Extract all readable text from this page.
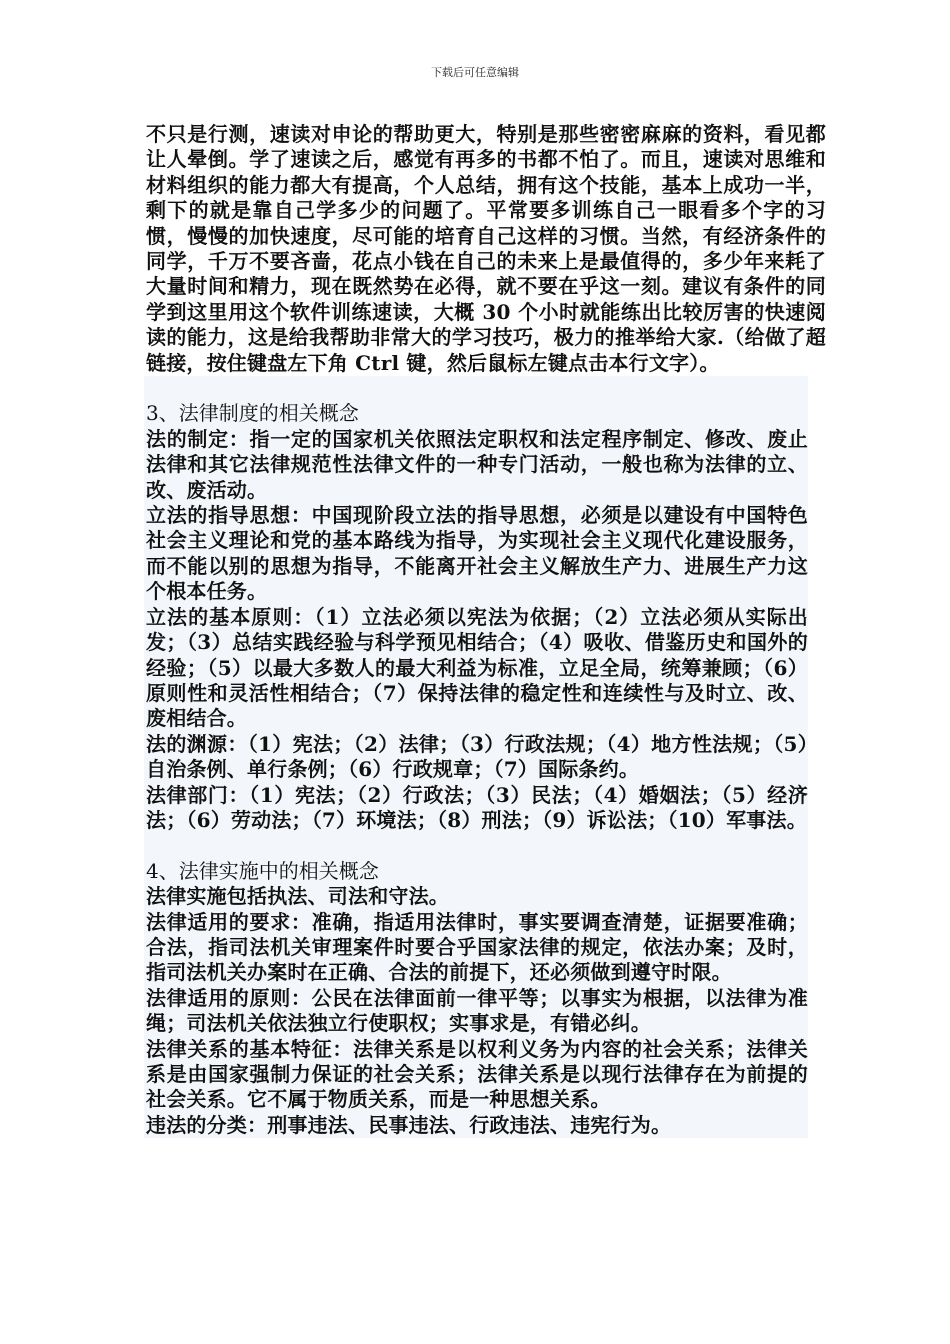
下载后可任意编辑

不只是行测，速读对申论的帮助更大，特别是那些密密麻麻的资料，看见都让人晕倒。学了速读之后，感觉有再多的书都不怕了。而且，速读对思维和材料组织的能力都大有提高，个人总结，拥有这个技能，基本上成功一半，剩下的就是靠自己学多少的问题了。平常要多训练自己一眼看多个字的习惯，慢慢的加快速度，尽可能的培育自己这样的习惯。当然，有经济条件的同学，千万不要吝啬，花点小钱在自己的未来上是最值得的，多少年来耗了大量时间和精力，现在既然势在必得，就不要在乎这一刻。建议有条件的同学到这里用这个软件训练速读，大概 30 个小时就能练出比较厉害的快速阅读的能力，这是给我帮助非常大的学习技巧，极力的推举给大家.（给做了超链接，按住键盘左下角 Ctrl 键，然后鼠标左键点击本行文字）。

3、法律制度的相关概念

法的制定：指一定的国家机关依照法定职权和法定程序制定、修改、废止法律和其它法律规范性法律文件的一种专门活动，一般也称为法律的立、改、废活动。

立法的指导思想：中国现阶段立法的指导思想，必须是以建设有中国特色社会主义理论和党的基本路线为指导，为实现社会主义现代化建设服务，而不能以别的思想为指导，不能离开社会主义解放生产力、进展生产力这个根本任务。

立法的基本原则：（1）立法必须以宪法为依据；（2）立法必须从实际出发；（3）总结实践经验与科学预见相结合；（4）吸收、借鉴历史和国外的经验；（5）以最大多数人的最大利益为标准，立足全局，统筹兼顾；（6）原则性和灵活性相结合；（7）保持法律的稳定性和连续性与及时立、改、废相结合。

法的渊源：（1）宪法；（2）法律；（3）行政法规；（4）地方性法规；（5）自治条例、单行条例；（6）行政规章；（7）国际条约。

法律部门：（1）宪法；（2）行政法；（3）民法；（4）婚姻法；（5）经济法；（6）劳动法；（7）环境法；（8）刑法；（9）诉讼法；（10）军事法。

4、法律实施中的相关概念

法律实施包括执法、司法和守法。

法律适用的要求：准确，指适用法律时，事实要调查清楚，证据要准确；合法，指司法机关审理案件时要合乎国家法律的规定，依法办案；及时，指司法机关办案时在正确、合法的前提下，还必须做到遵守时限。

法律适用的原则：公民在法律面前一律平等；以事实为根据，以法律为准绳；司法机关依法独立行使职权；实事求是，有错必纠。

法律关系的基本特征：法律关系是以权利义务为内容的社会关系；法律关系是由国家强制力保证的社会关系；法律关系是以现行法律存在为前提的社会关系。它不属于物质关系，而是一种思想关系。

违法的分类：刑事违法、民事违法、行政违法、违宪行为。
